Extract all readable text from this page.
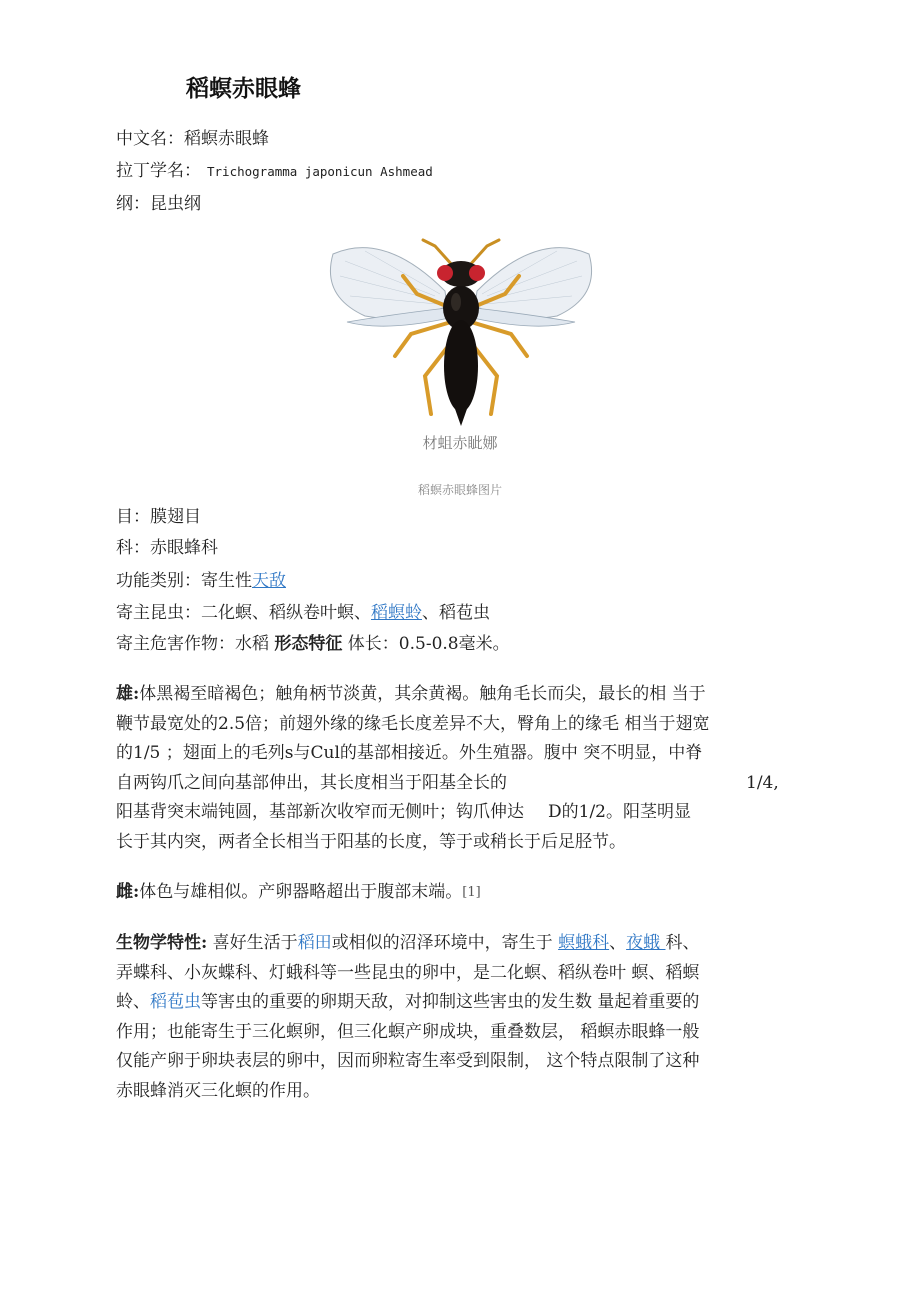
稻螟赤眼蜂
中文名：稻螟赤眼蜂
拉丁学名： Trichogramma japonicun Ashmead
纲：昆虫纲
材蛆赤眦娜
稻螟赤眼蜂图片
目：膜翅目
科：赤眼蜂科
功能类别：寄生性天敌
寄主昆虫：二化螟、稻纵卷叶螟、稻螟蛉、稻苞虫
寄主危害作物：水稻 形态特征 体长：0.5-0.8毫米。
雄:体黑褐至暗褐色；触角柄节淡黄，其余黄褐。触角毛长而尖，最长的相 当于
鞭节最宽处的2.5倍；前翅外缘的缘毛长度差异不大，臀角上的缘毛 相当于翅宽
的1/5 ；翅面上的毛列s与Cul的基部相接近。外生殖器。腹中 突不明显，中脊
自两钩爪之间向基部伸出，其长度相当于阳基全长的	1/4,
阳基背突末端钝圆，基部新次收窄而无侧叶；钩爪伸达 D的1/2。阳茎明显
长于其内突，两者全长相当于阳基的长度，等于或稍长于后足胫节。
雌:体色与雄相似。产卵器略超出于腹部末端。[1]
生物学特性: 喜好生活于稻田或相似的沼泽环境中，寄生于 螟蛾科、夜蛾 科、
弄蝶科、小灰蝶科、灯蛾科等一些昆虫的卵中，是二化螟、稻纵卷叶 螟、稻螟
蛉、稻苞虫等害虫的重要的卵期天敌，对抑制这些害虫的发生数 量起着重要的
作用；也能寄生于三化螟卵，但三化螟产卵成块，重叠数层， 稻螟赤眼蜂一般
仅能产卵于卵块表层的卵中，因而卵粒寄生率受到限制， 这个特点限制了这种
赤眼蜂消灭三化螟的作用。
